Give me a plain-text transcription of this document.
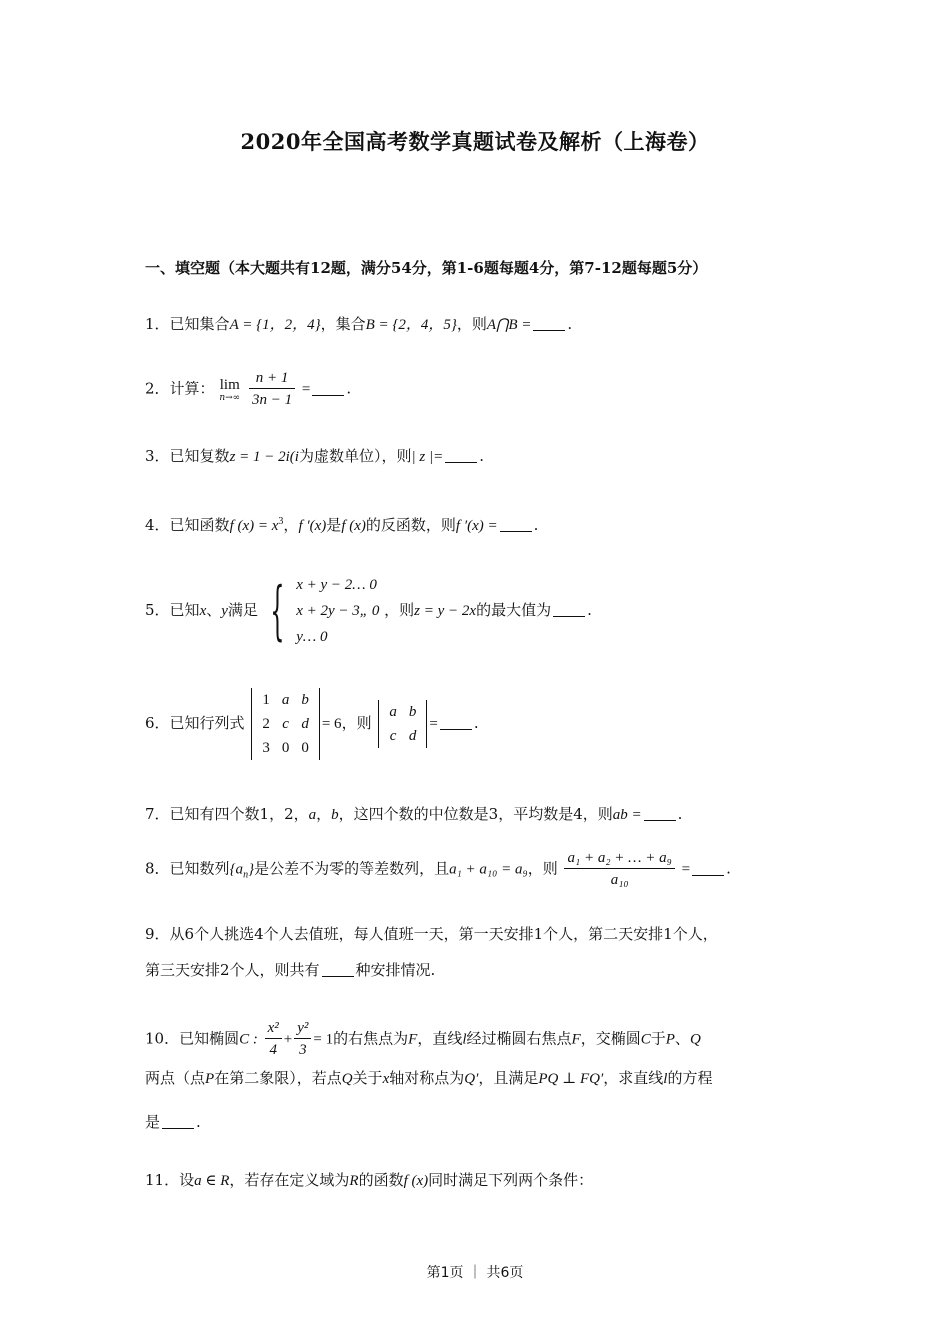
2020年全国高考数学真题试卷及解析（上海卷）
一、填空题（本大题共有12题，满分54分，第1-6题每题4分，第7-12题每题5分）
1．已知集合A = {1，2，4}，集合B = {2，4，5}，则A⋂B = .
2．计算： lim
n→∞
$\frac{n + 1}{3n - 1}$ = .
3．已知复数z = 1 − 2i(i为虚数单位），则| z |= .
4．已知函数f $(x) = x^3$，f ′(x)是f (x)的反函数，则f ′(x) = .
5．已知x、y满足 { x + y − 2… 0
x + 2y − 3„ 0
y… 0
，则z = y − 2x的最大值为 .
6．已知行列式
1	a	b
2	c	d
3	0	0
= 6，则
a	b
c	d
= .
7．已知有四个数1，2，a，b，这四个数的中位数是3，平均数是4，则ab = .
8．已知数列$\{a_n\}$是公差不为零的等差数列，且a₁ + a₁₀ = a₉，则 $\frac{\text{a₁ + a₂ + … + a₉}}{\text{a₁₀}}$ = .
9．从6个人挑选4个人去值班，每人值班一天，第一天安排1个人，第二天安排1个人，
第三天安排2个人，则共有 种安排情况.
10．已知椭圆C : $\frac{\text{x²}}{4} + \frac{\text{y²}}{3} = 1$的右焦点为F，直线l经过椭圆右焦点F，交椭圆C于P、Q
两点（点P在第二象限），若点Q关于x轴对称点为Q′，且满足PQ ⊥ FQ′，求直线l的方程
是 .
11．设a ∈ R，若存在定义域为R的函数f (x)同时满足下列两个条件：
第1页 ｜ 共6页
